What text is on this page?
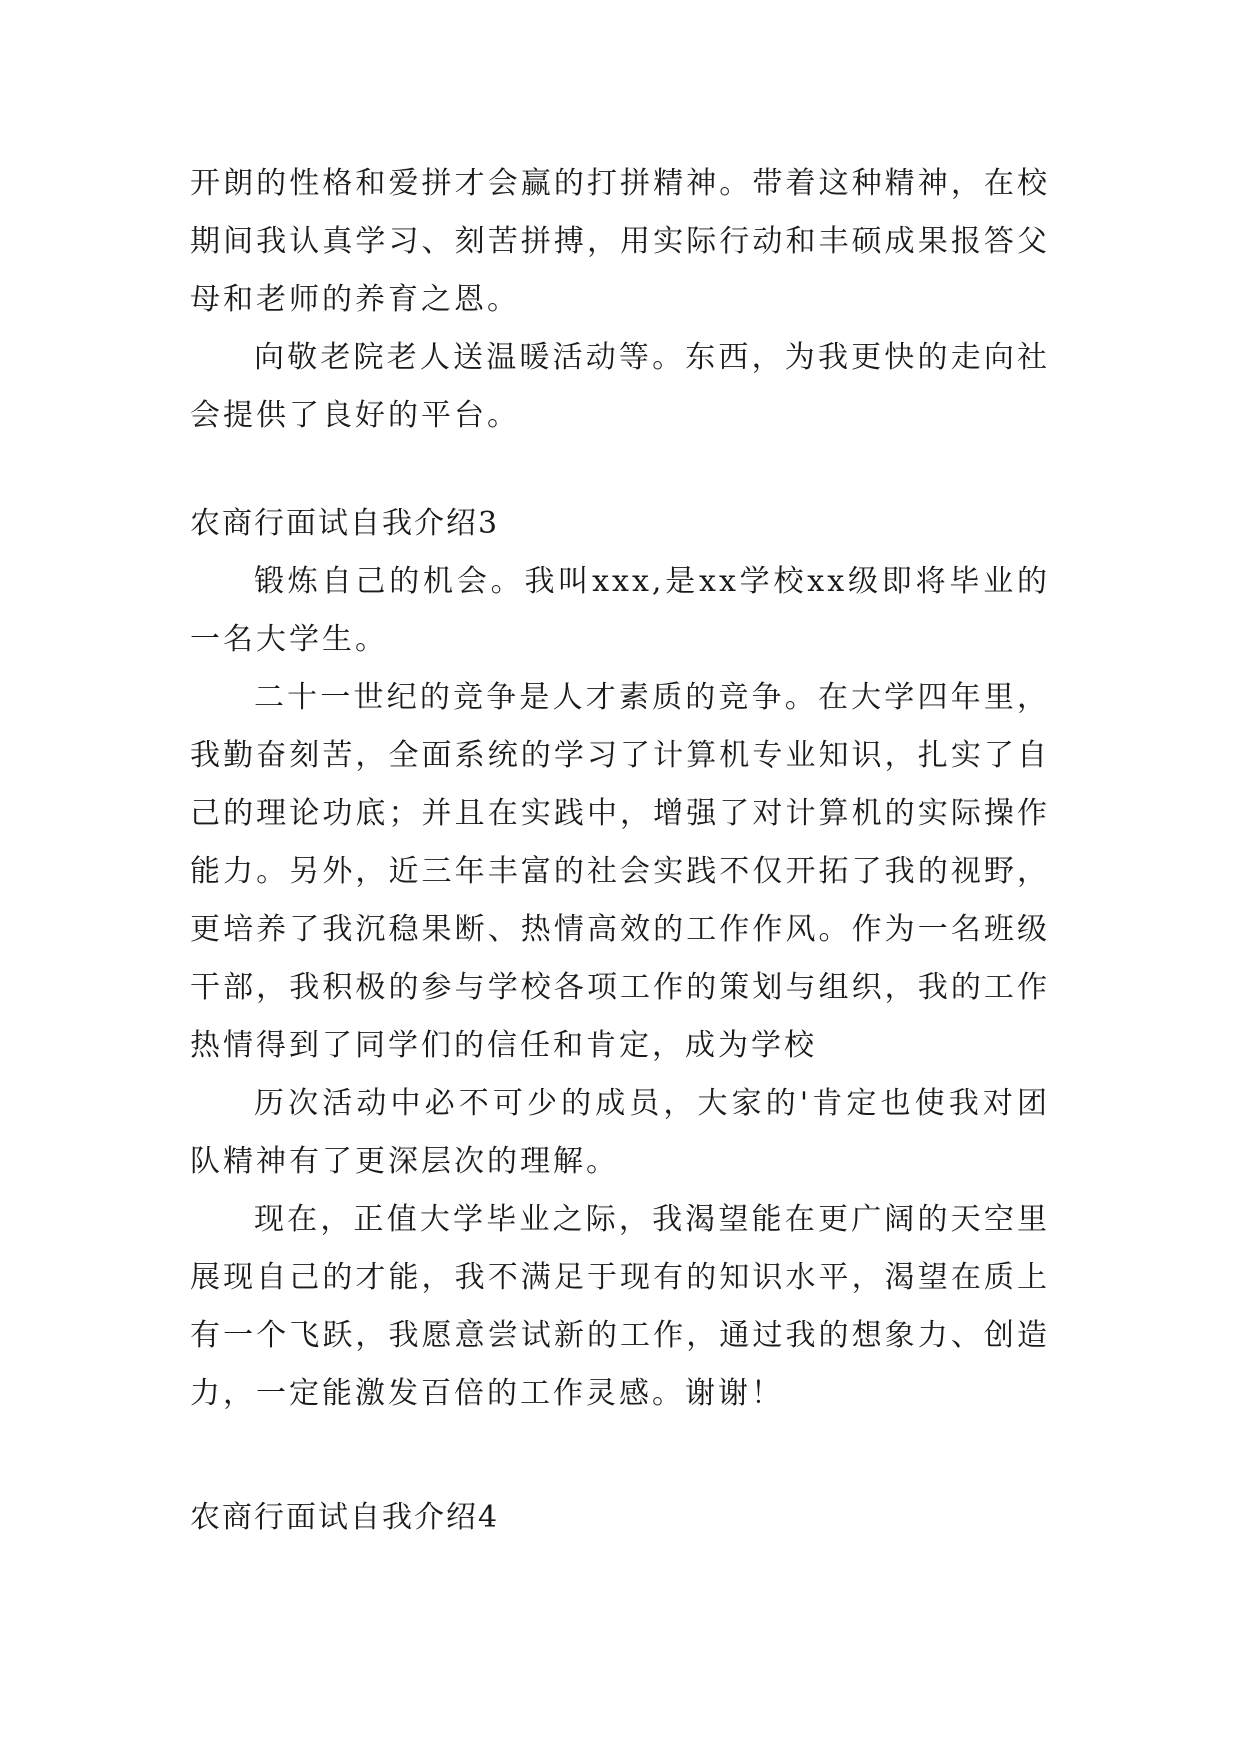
开朗的性格和爱拼才会赢的打拼精神。带着这种精神，在校期间我认真学习、刻苦拼搏，用实际行动和丰硕成果报答父母和老师的养育之恩。

向敬老院老人送温暖活动等。东西，为我更快的走向社会提供了良好的平台。

农商行面试自我介绍3

锻炼自己的机会。我叫xxx,是xx学校xx级即将毕业的一名大学生。

二十一世纪的竞争是人才素质的竞争。在大学四年里，我勤奋刻苦，全面系统的学习了计算机专业知识，扎实了自己的理论功底；并且在实践中，增强了对计算机的实际操作能力。另外，近三年丰富的社会实践不仅开拓了我的视野，更培养了我沉稳果断、热情高效的工作作风。作为一名班级干部，我积极的参与学校各项工作的策划与组织，我的工作热情得到了同学们的信任和肯定，成为学校

历次活动中必不可少的成员，大家的'肯定也使我对团队精神有了更深层次的理解。

现在，正值大学毕业之际，我渴望能在更广阔的天空里展现自己的才能，我不满足于现有的知识水平，渴望在质上有一个飞跃，我愿意尝试新的工作，通过我的想象力、创造力，一定能激发百倍的工作灵感。谢谢！

农商行面试自我介绍4
